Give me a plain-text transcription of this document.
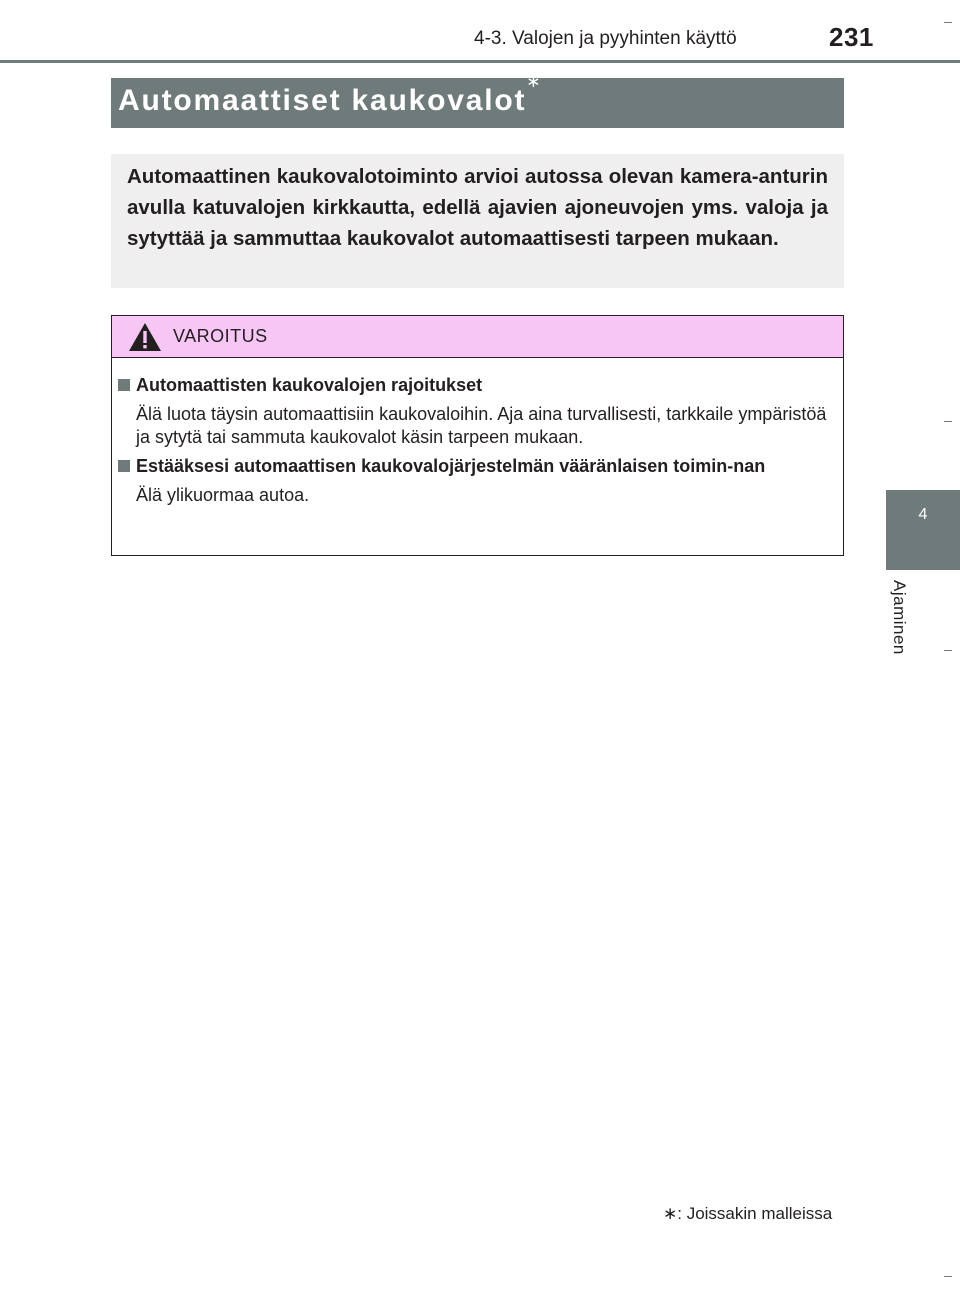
4-3. Valojen ja pyyhinten käyttö	231
4
Ajaminen
Automaattiset kaukovalot∗
Automaattinen kaukovalotoiminto arvioi autossa olevan kamera-anturin avulla katuvalojen kirkkautta, edellä ajavien ajoneuvojen yms. valoja ja sytyttää ja sammuttaa kaukovalot automaattisesti tarpeen mukaan.
VAROITUS
Automaattisten kaukovalojen rajoitukset
Älä luota täysin automaattisiin kaukovaloihin. Aja aina turvallisesti, tarkkaile ympäristöä ja sytytä tai sammuta kaukovalot käsin tarpeen mukaan.
Estääksesi automaattisen kaukovalojärjestelmän vääränlaisen toimin-nan
Älä ylikuormaa autoa.
∗: Joissakin malleissa
